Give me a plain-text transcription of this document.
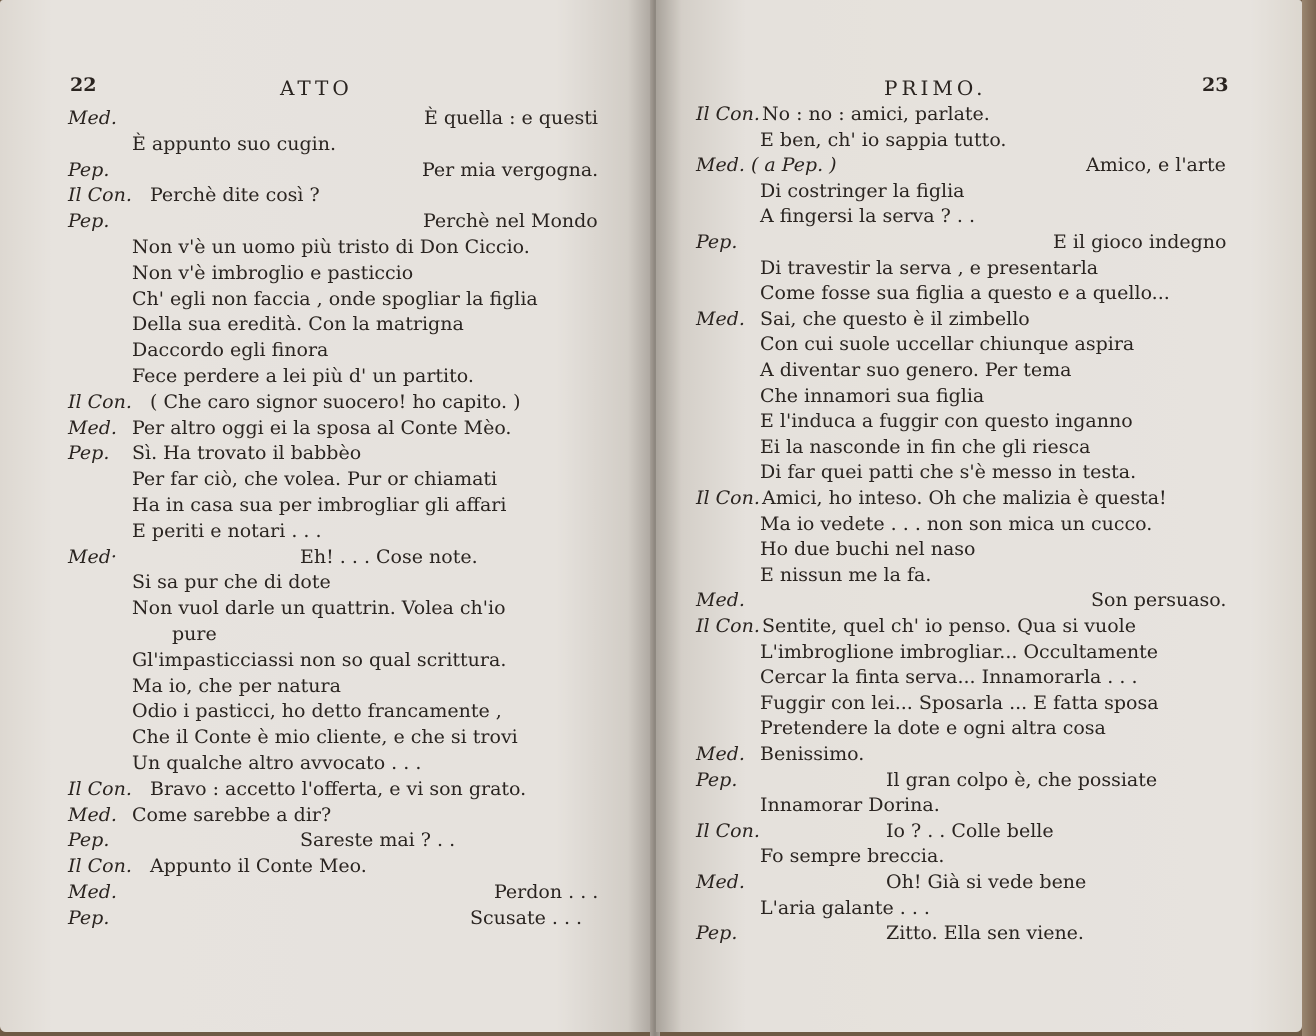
22	ATTO
Med.	È quella : e questi
È appunto suo cugin.
Pep.	Per mia vergogna.
Il Con. Perchè dite così ?
Pep.	Perchè nel Mondo
Non v'è un uomo più tristo di Don Ciccio.
Non v'è imbroglio e pasticcio
Ch' egli non faccia , onde spogliar la figlia
Della sua eredità. Con la matrigna
Daccordo egli finora
Fece perdere a lei più d' un partito.
Il Con. ( Che caro signor suocero! ho capito. )
Med. Per altro oggi ei la sposa al Conte Mèo.
Pep. Sì. Ha trovato il babbèo
Per far ciò, che volea. Pur or chiamati
Ha in casa sua per imbrogliar gli affari
E periti e notari . . .
Med·	Eh! . . . Cose note.
Si sa pur che di dote
Non vuol darle un quattrin. Volea ch'io
pure
Gl'impasticciassi non so qual scrittura.
Ma io, che per natura
Odio i pasticci, ho detto francamente ,
Che il Conte è mio cliente, e che si trovi
Un qualche altro avvocato . . .
Il Con. Bravo : accetto l'offerta, e vi son grato.
Med. Come sarebbe a dir?
Pep.	Sareste mai ? . .
Il Con. Appunto il Conte Meo.
Med.	Perdon . . .
Pep.	Scusate . . .
PRIMO.	23
Il Con. No : no : amici, parlate.
E ben, ch' io sappia tutto.
Med. ( a Pep. )	Amico, e l'arte
Di costringer la figlia
A fingersi la serva ? . .
Pep.	E il gioco indegno
Di travestir la serva , e presentarla
Come fosse sua figlia a questo e a quello...
Med. Sai, che questo è il zimbello
Con cui suole uccellar chiunque aspira
A diventar suo genero. Per tema
Che innamori sua figlia
E l'induca a fuggir con questo inganno
Ei la nasconde in fin che gli riesca
Di far quei patti che s'è messo in testa.
Il Con. Amici, ho inteso. Oh che malizia è questa!
Ma io vedete . . . non son mica un cucco.
Ho due buchi nel naso
E nissun me la fa.
Med.	Son persuaso.
Il Con. Sentite, quel ch' io penso. Qua si vuole
L'imbroglione imbrogliar... Occultamente
Cercar la finta serva... Innamorarla . . .
Fuggir con lei... Sposarla ... E fatta sposa
Pretendere la dote e ogni altra cosa
Med. Benissimo.
Pep.	Il gran colpo è, che possiate
Innamorar Dorina.
Il Con.	Io ? . . Colle belle
Fo sempre breccia.
Med.	Oh! Già si vede bene
L'aria galante . . .
Pep.	Zitto. Ella sen viene.
